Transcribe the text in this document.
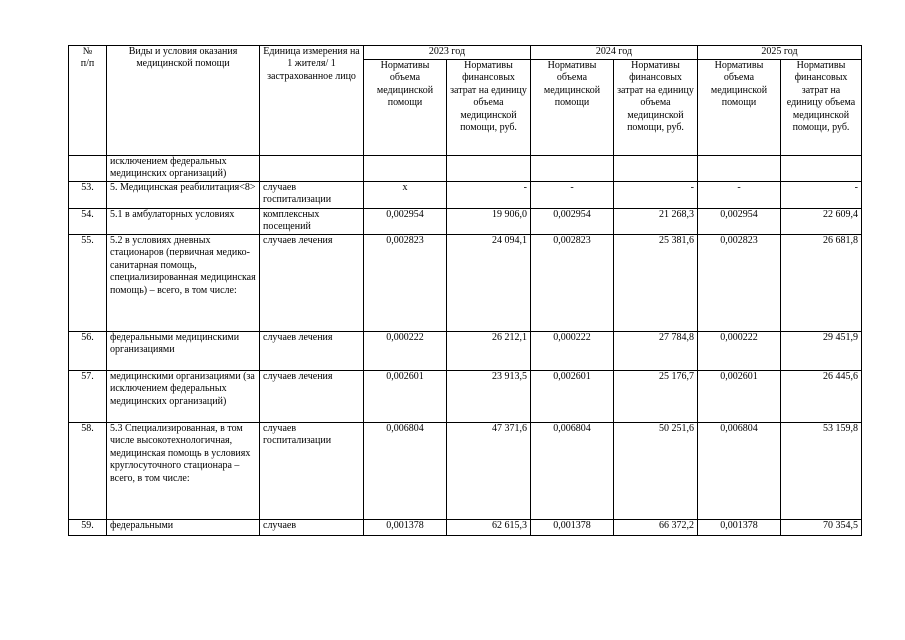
№
п/п	Виды и условия оказания медицинской помощи	Единица измерения на 1 жителя/ 1 застрахованное лицо	2023 год		2024 год		2025 год	
			Нормативы объема медицинской помощи	Нормативы финансовых затрат на единицу объема медицинской помощи, руб.	Нормативы объема медицинской помощи	Нормативы финансовых затрат на единицу объема медицинской помощи, руб.	Нормативы объема медицинской помощи	Нормативы финансовых затрат на единицу объема медицинской помощи, руб.
	исключением федеральных медицинских организаций)							
53.	5. Медицинская реабилитация<8>	случаев госпитализации	x	-	-	-	-	-
54.	5.1 в амбулаторных условиях	комплексных посещений	0,002954	19 906,0	0,002954	21 268,3	0,002954	22 609,4
55.	5.2 в условиях дневных стационаров (первичная медико-санитарная помощь, специализированная медицинская помощь) – всего, в том числе:	случаев лечения	0,002823	24 094,1	0,002823	25 381,6	0,002823	26 681,8
56.	федеральными медицинскими организациями	случаев лечения	0,000222	26 212,1	0,000222	27 784,8	0,000222	29 451,9
57.	медицинскими организациями (за исключением федеральных медицинских организаций)	случаев лечения	0,002601	23 913,5	0,002601	25 176,7	0,002601	26 445,6
58.	5.3 Специализированная, в том числе высокотехнологичная, медицинская помощь в условиях круглосуточного стационара – всего, в том числе:	случаев госпитализации	0,006804	47 371,6	0,006804	50 251,6	0,006804	53 159,8
59.	федеральными	случаев	0,001378	62 615,3	0,001378	66 372,2	0,001378	70 354,5
